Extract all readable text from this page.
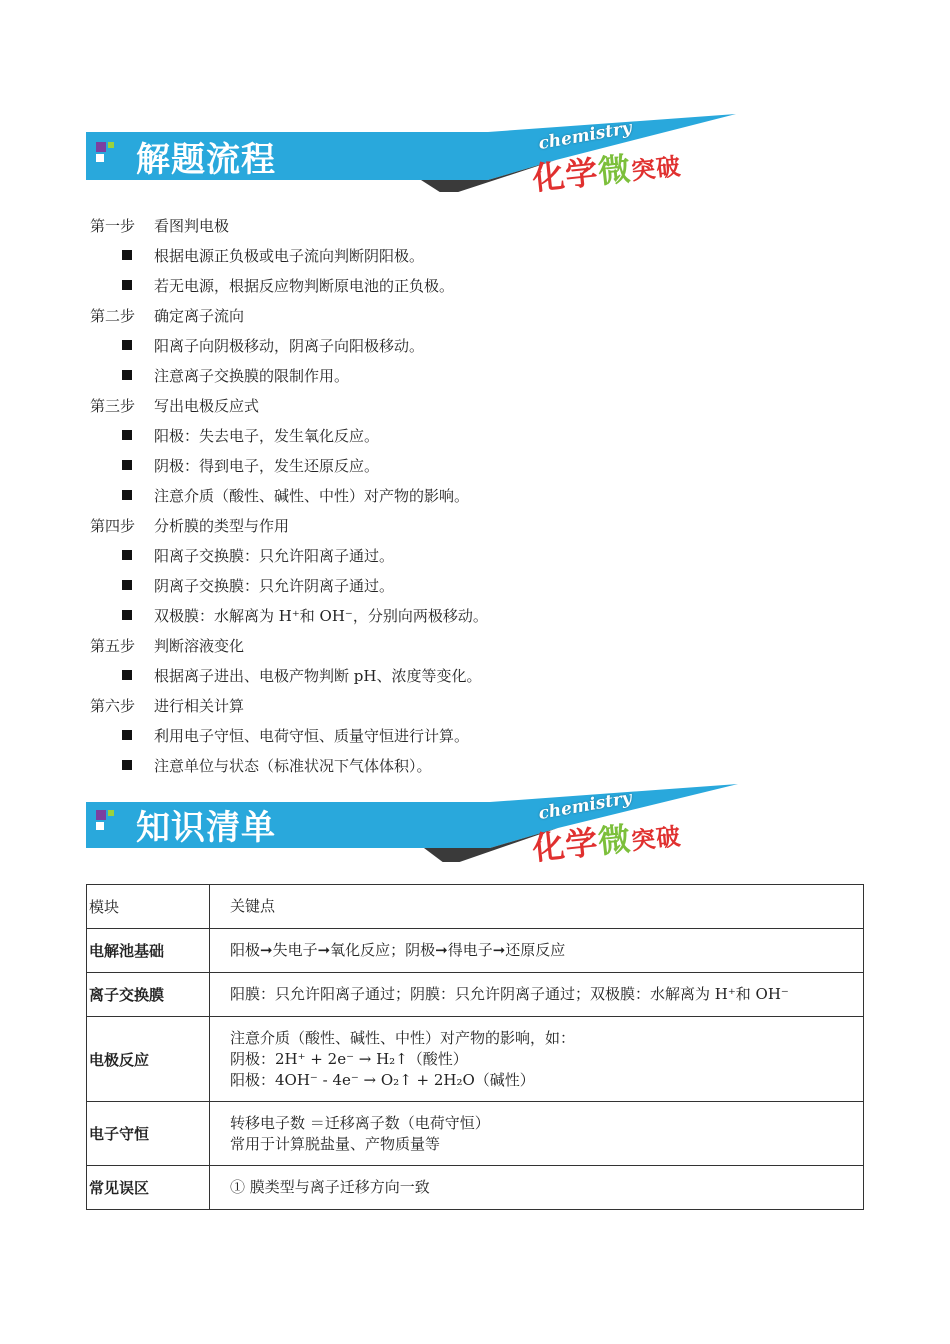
解题流程
chemistry
化学微突破
第一步 看图判电极
根据电源正负极或电子流向判断阴阳极。
若无电源，根据反应物判断原电池的正负极。
第二步 确定离子流向
阳离子向阴极移动，阴离子向阳极移动。
注意离子交换膜的限制作用。
第三步 写出电极反应式
阳极：失去电子，发生氧化反应。
阴极：得到电子，发生还原反应。
注意介质（酸性、碱性、中性）对产物的影响。
第四步 分析膜的类型与作用
阳离子交换膜：只允许阳离子通过。
阴离子交换膜：只允许阴离子通过。
双极膜：水解离为 H⁺和 OH⁻，分别向两极移动。
第五步 判断溶液变化
根据离子进出、电极产物判断 pH、浓度等变化。
第六步 进行相关计算
利用电子守恒、电荷守恒、质量守恒进行计算。
注意单位与状态（标准状况下气体体积）。
知识清单
chemistry
化学微突破
模块	关键点
电解池基础	阳极➞失电子➞氧化反应；阴极➞得电子➞还原反应

离子交换膜	阳膜：只允许阳离子通过；阴膜：只允许阴离子通过；双极膜：水解离为 H⁺和 OH⁻

电极反应	注意介质（酸性、碱性、中性）对产物的影响，如：
阴极：2H⁺ + 2e⁻ → H₂↑（酸性）
阳极：4OH⁻ - 4e⁻ → O₂↑ + 2H₂O（碱性）

电子守恒	转移电子数 ＝迁移离子数（电荷守恒）
常用于计算脱盐量、产物质量等

常见误区	① 膜类型与离子迁移方向一致
